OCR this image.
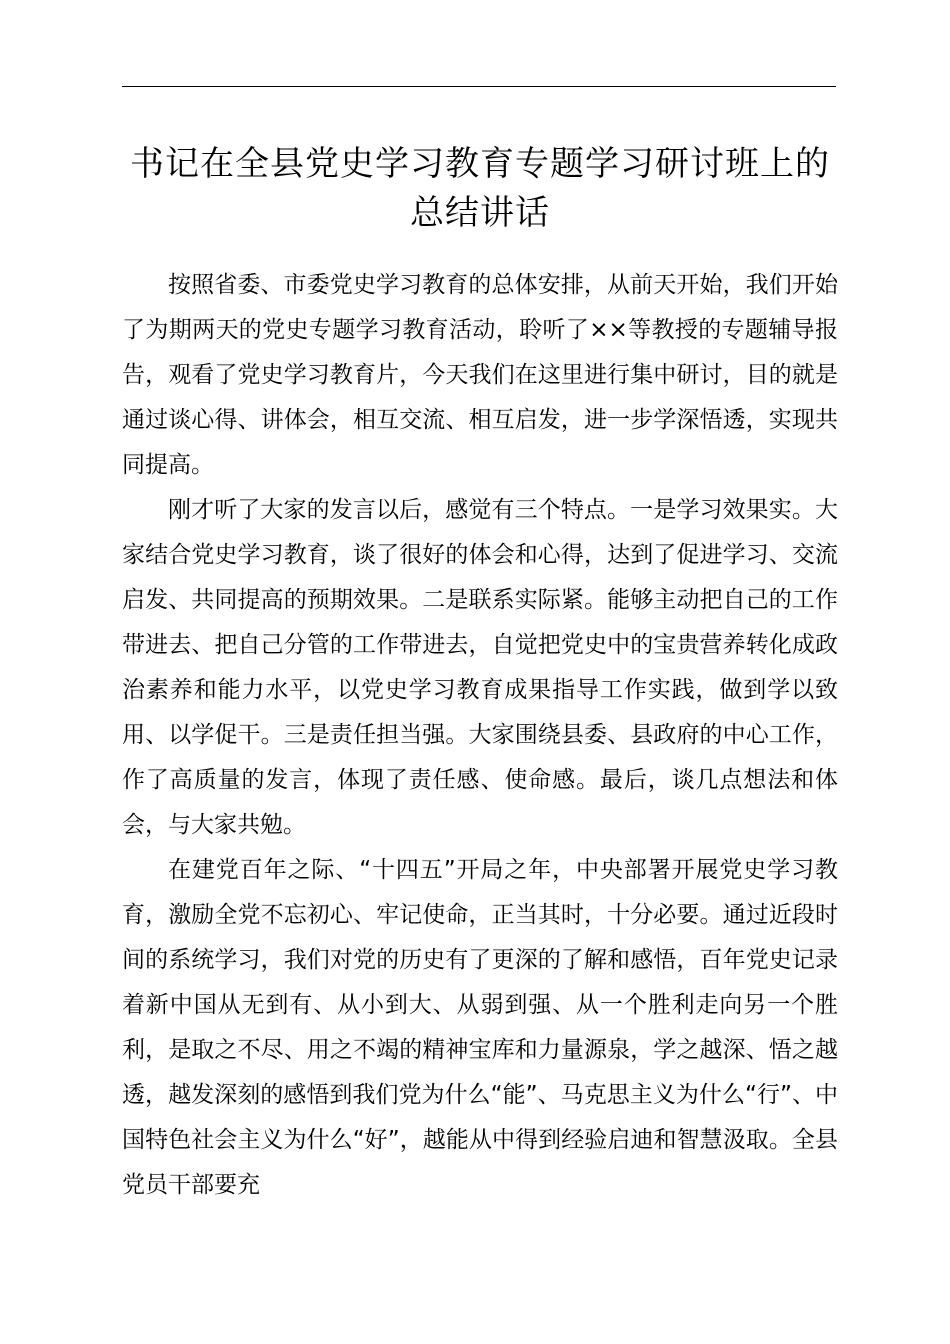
书记在全县党史学习教育专题学习研讨班上的
总结讲话

按照省委、市委党史学习教育的总体安排，从前天开始，我们开始了为期两天的党史专题学习教育活动，聆听了××等教授的专题辅导报告，观看了党史学习教育片，今天我们在这里进行集中研讨，目的就是通过谈心得、讲体会，相互交流、相互启发，进一步学深悟透，实现共同提高。

刚才听了大家的发言以后，感觉有三个特点。一是学习效果实。大家结合党史学习教育，谈了很好的体会和心得，达到了促进学习、交流启发、共同提高的预期效果。二是联系实际紧。能够主动把自己的工作带进去、把自己分管的工作带进去，自觉把党史中的宝贵营养转化成政治素养和能力水平，以党史学习教育成果指导工作实践，做到学以致用、以学促干。三是责任担当强。大家围绕县委、县政府的中心工作，作了高质量的发言，体现了责任感、使命感。最后，谈几点想法和体会，与大家共勉。

在建党百年之际、“十四五”开局之年，中央部署开展党史学习教育，激励全党不忘初心、牢记使命，正当其时，十分必要。通过近段时间的系统学习，我们对党的历史有了更深的了解和感悟，百年党史记录着新中国从无到有、从小到大、从弱到强、从一个胜利走向另一个胜利，是取之不尽、用之不竭的精神宝库和力量源泉，学之越深、悟之越透，越发深刻的感悟到我们党为什么“能”、马克思主义为什么“行”、中国特色社会主义为什么“好”，越能从中得到经验启迪和智慧汲取。全县党员干部要充
